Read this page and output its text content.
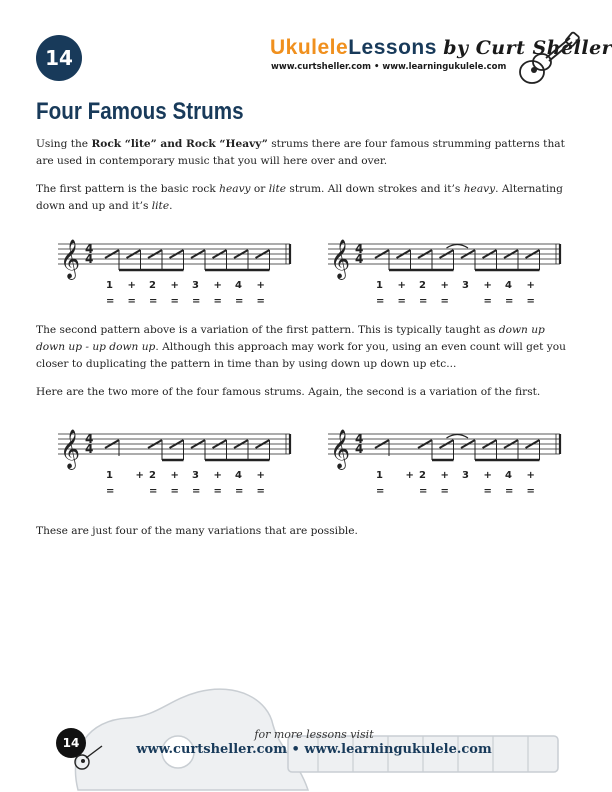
14	UkuleleLessons by Curt Sheller
www.curtsheller.com • www.learningukulele.com
Four Famous Strums
Using the Rock “lite” and Rock “Heavy” strums there are four famous strumming patterns that are used in contemporary music that you will here over and over.
The first pattern is the basic rock heavy or lite strum. All down strokes and it’s heavy. Alternating down and up and it’s lite.
𝄞 4
4
1 + 2 + 3 + 4 +
= = = = = = = =
𝄞 4
4
1 + 2 + 3 + 4 +
= = = =	= = =
The second pattern above is a variation of the first pattern. This is typically taught as down up down up - up down up. Although this approach may work for you, using an even count will get you closer to duplicating the pattern in time than by using down up down up etc...
Here are the two more of the four famous strums. Again, the second is a variation of the first.
𝄞 4
4
1 + 2 + 3 + 4 +
=	= = = = = =
𝄞 4
4
1 + 2 + 3 + 4 +
=	= =	= = =
These are just four of the many variations that are possible.
14
for more lessons visit
www.curtsheller.com • www.learningukulele.com
